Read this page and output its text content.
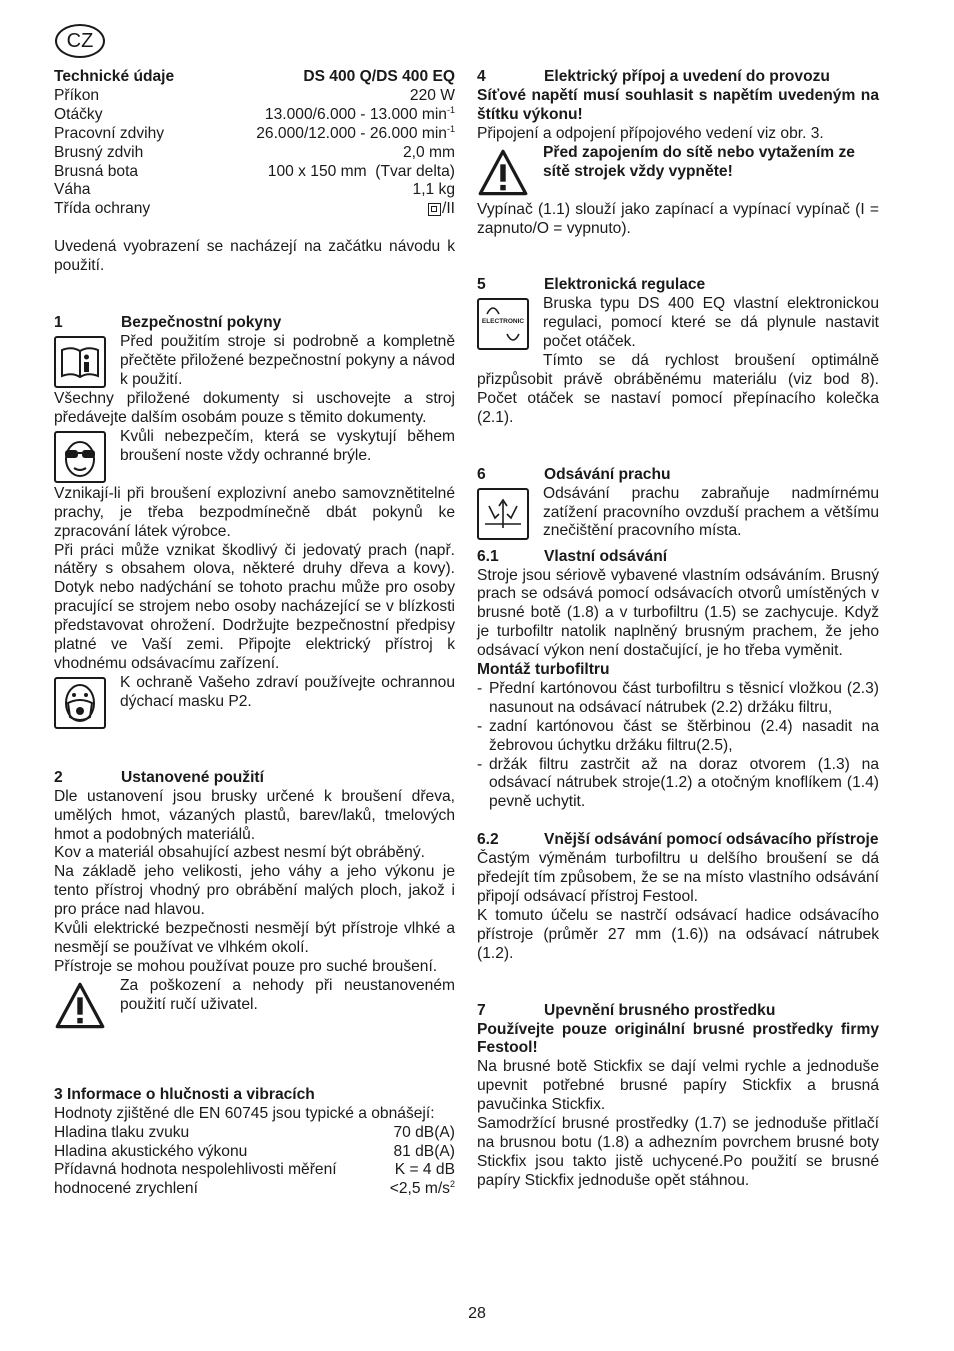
CZ
Technické údaje	DS 400 Q/DS 400 EQ
Příkon	220 W
Otáčky	13.000/6.000 - 13.000 $\min^{-1}$
Pracovní zdvihy	26.000/12.000 - 26.000 $\min^{-1}$
Brusný zdvih	2,0 mm
Brusná bota	100 x 150 mm  (Tvar delta)
Váha	1,1 kg
Třída ochrany	/II

Uvedená vyobrazení se nacházejí na začátku návodu k použití.

1	Bezpečnostní pokyny

Před použitím stroje si podrobně a kompletně přečtěte přiložené bezpečnostní pokyny a návod k použití.

Všechny přiložené dokumenty si uschovejte a stroj předávejte dalším osobám pouze s těmito dokumenty.

Kvůli nebezpečím, která se vyskytují během broušení noste vždy ochranné brýle.

Vznikají-li při broušení explozivní anebo samovznětitelné prachy, je třeba bezpodmínečně dbát pokynů ke zpracování látek výrobce.

Při práci může vznikat škodlivý či jedovatý prach (např. nátěry s obsahem olova, některé druhy dřeva a kovy). Dotyk nebo nadýchání se tohoto prachu může pro osoby pracující se strojem nebo osoby nacházející se v blízkosti představovat ohrožení. Dodržujte bezpečnostní předpisy platné ve Vaší zemi. Připojte elektrický přístroj k vhodnému odsávacímu zařízení.

K ochraně Vašeho zdraví používejte ochrannou dýchací masku P2.

2	Ustanovené použití

Dle ustanovení jsou brusky určené k broušení dřeva, umělých hmot, vázaných plastů, barev/laků, tmelových hmot a podobných materiálů.

Kov a materiál obsahující azbest nesmí být obráběný.

Na základě jeho velikosti, jeho váhy a jeho výkonu je tento přístroj vhodný pro obrábění malých ploch, jakož i pro práce nad hlavou.

Kvůli elektrické bezpečnosti nesmějí být přístroje vlhké a nesmějí se používat ve vlhkém okolí.

Přístroje se mohou používat pouze pro suché broušení.

Za poškození a nehody při neustanoveném použití ručí uživatel.

3 Informace o hlučnosti a vibracích

Hodnoty zjištěné dle EN 60745 jsou typické a obnášejí:

Hladina tlaku zvuku	70 dB(A)
Hladina akustického výkonu	81 dB(A)
Přídavná hodnota nespolehlivosti měření	K = 4 dB
hodnocené zrychlení	<2,5 $m/s^2$
4	Elektrický přípoj a uvedení do provozu

Síťové napětí musí souhlasit s napětím uvedeným na štítku výkonu!

Připojení a odpojení přípojového vedení viz obr. 3.

Před zapojením do sítě nebo vytažením ze sítě strojek vždy vypněte!

Vypínač (1.1) slouží jako zapínací a vypínací vypínač (I = zapnuto/O = vypnuto).

5	Elektronická regulace
ELECTRONIC

Bruska typu DS 400 EQ vlastní elektronickou regulaci, pomocí které se dá plynule nastavit počet otáček.

Tímto se dá rychlost broušení optimálně přizpůsobit právě obráběnému materiálu (viz bod 8). Počet otáček se nastaví pomocí přepínacího kolečka (2.1).

6	Odsávání prachu

Odsávání prachu zabraňuje nadmírnému zatížení pracovního ovzduší prachem a většímu znečištění pracovního místa.

6.1	Vlastní odsávání

Stroje jsou sériově vybavené vlastním odsáváním. Brusný prach se odsává pomocí odsávacích otvorů umístěných v brusné botě (1.8) a v turbofiltru (1.5) se zachycuje. Když je turbofiltr natolik naplněný brusným prachem, že jeho odsávací výkon není dostačující, je ho třeba vyměnit.

Montáž turbofiltru

- Přední kartónovou část turbofiltru s těsnicí vložkou (2.3) nasunout na odsávací nátrubek (2.2) držáku filtru,
- zadní kartónovou část se štěrbinou (2.4) nasadit na žebrovou úchytku držáku filtru(2.5),
- držák filtru zastrčit až na doraz otvorem (1.3) na odsávací nátrubek stroje(1.2) a otočným knoflíkem (1.4) pevně uchytit.
6.2	Vnější odsávání pomocí odsávacího přístroje

Častým výměnám turbofiltru u delšího broušení se dá předejít tím způsobem, že se na místo vlastního odsávání připojí odsávací přístroj Festool.

K tomuto účelu se nastrčí odsávací hadice odsávacího přístroje (průměr 27 mm (1.6)) na odsávací nátrubek (1.2).

7	Upevnění brusného prostředku

Používejte pouze originální brusné prostředky firmy Festool!

Na brusné botě Stickfix se dají velmi rychle a jednoduše upevnit potřebné brusné papíry Stickfix a brusná pavučinka Stickfix.

Samodržící brusné prostředky (1.7) se jednoduše přitlačí na brusnou botu (1.8) a adhezním povrchem brusné boty Stickfix jsou takto jistě uchycené.Po použití se brusné papíry Stickfix jednoduše opět stáhnou.

28
